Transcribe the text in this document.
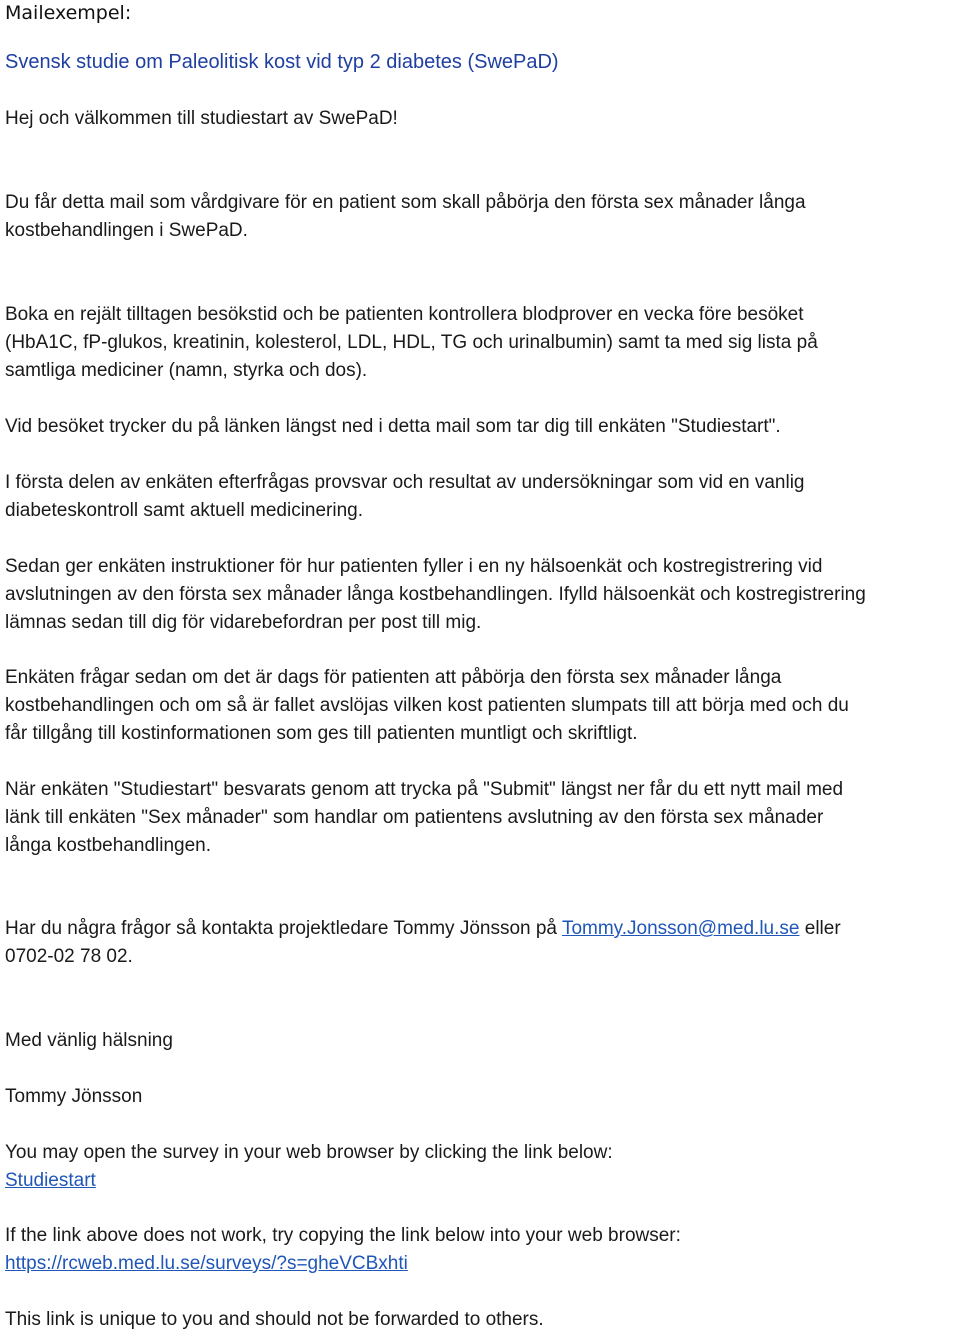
Mailexempel:
Svensk studie om Paleolitisk kost vid typ 2 diabetes (SwePaD)

Hej och välkommen till studiestart av SwePaD!

Du får detta mail som vårdgivare för en patient som skall påbörja den första sex månader långa
kostbehandlingen i SwePaD.

Boka en rejält tilltagen besökstid och be patienten kontrollera blodprover en vecka före besöket
(HbA1C, fP-glukos, kreatinin, kolesterol, LDL, HDL, TG och urinalbumin) samt ta med sig lista på
samtliga mediciner (namn, styrka och dos).

Vid besöket trycker du på länken längst ned i detta mail som tar dig till enkäten "Studiestart".

I första delen av enkäten efterfrågas provsvar och resultat av undersökningar som vid en vanlig
diabeteskontroll samt aktuell medicinering.

Sedan ger enkäten instruktioner för hur patienten fyller i en ny hälsoenkät och kostregistrering vid
avslutningen av den första sex månader långa kostbehandlingen. Ifylld hälsoenkät och kostregistrering
lämnas sedan till dig för vidarebefordran per post till mig.

Enkäten frågar sedan om det är dags för patienten att påbörja den första sex månader långa
kostbehandlingen och om så är fallet avslöjas vilken kost patienten slumpats till att börja med och du
får tillgång till kostinformationen som ges till patienten muntligt och skriftligt.

När enkäten "Studiestart" besvarats genom att trycka på "Submit" längst ner får du ett nytt mail med
länk till enkäten "Sex månader" som handlar om patientens avslutning av den första sex månader
långa kostbehandlingen.

Har du några frågor så kontakta projektledare Tommy Jönsson på Tommy.Jonsson@med.lu.se eller
0702-02 78 02.

Med vänlig hälsning

Tommy Jönsson

You may open the survey in your web browser by clicking the link below:
Studiestart

If the link above does not work, try copying the link below into your web browser:
https://rcweb.med.lu.se/surveys/?s=gheVCBxhti

This link is unique to you and should not be forwarded to others.
